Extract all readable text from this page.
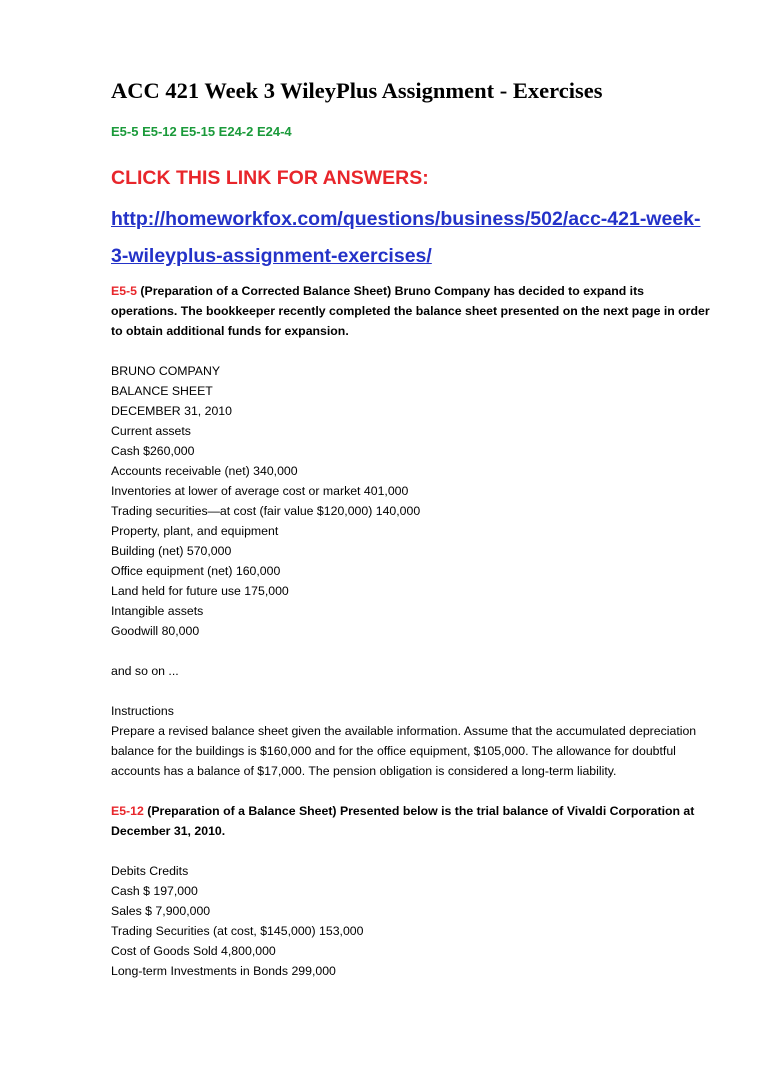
ACC 421 Week 3 WileyPlus Assignment - Exercises
E5-5 E5-12 E5-15 E24-2 E24-4
CLICK THIS LINK FOR ANSWERS:
http://homeworkfox.com/questions/business/502/acc-421-week-3-wileyplus-assignment-exercises/

E5-5 (Preparation of a Corrected Balance Sheet) Bruno Company has decided to expand its operations. The bookkeeper recently completed the balance sheet presented on the next page in order to obtain additional funds for expansion.

BRUNO COMPANY
BALANCE SHEET
DECEMBER 31, 2010
Current assets
Cash $260,000
Accounts receivable (net) 340,000
Inventories at lower of average cost or market 401,000
Trading securities—at cost (fair value $120,000) 140,000
Property, plant, and equipment
Building (net) 570,000
Office equipment (net) 160,000
Land held for future use 175,000
Intangible assets
Goodwill 80,000
and so on ...
Instructions

Prepare a revised balance sheet given the available information. Assume that the accumulated depreciation balance for the buildings is $160,000 and for the office equipment, $105,000. The allowance for doubtful accounts has a balance of $17,000. The pension obligation is considered a long-term liability.

E5-12 (Preparation of a Balance Sheet) Presented below is the trial balance of Vivaldi Corporation at December 31, 2010.

Debits Credits
Cash $ 197,000
Sales $ 7,900,000
Trading Securities (at cost, $145,000) 153,000
Cost of Goods Sold 4,800,000
Long-term Investments in Bonds 299,000
